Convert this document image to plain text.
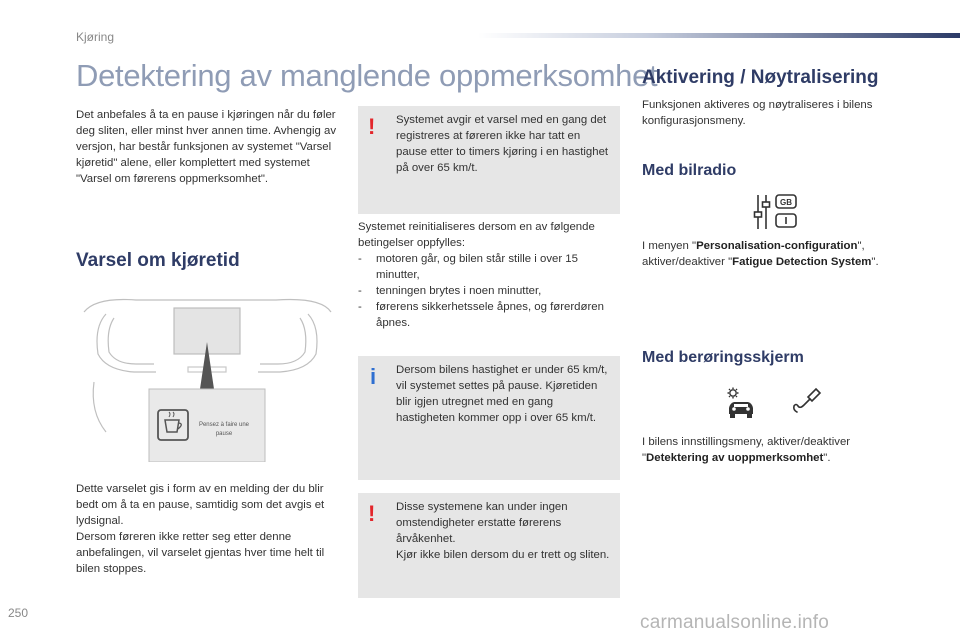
Kjøring
Detektering av manglende oppmerksomhet
Det anbefales å ta en pause i kjøringen når du føler deg sliten, eller minst hver annen time. Avhengig av versjon, har består funksjonen av systemet "Varsel kjøretid" alene, eller komplettert med systemet "Varsel om førerens oppmerksomhet".
Varsel om kjøretid
Pensez à faire une
pause
Dette varselet gis i form av en melding der du blir bedt om å ta en pause, samtidig som det avgis et lydsignal.
Dersom føreren ikke retter seg etter denne anbefalingen, vil varselet gjentas hver time helt til bilen stoppes.
! Systemet avgir et varsel med en gang det registreres at føreren ikke har tatt en pause etter to timers kjøring i en hastighet på over 65 km/t.
Systemet reinitialiseres dersom en av følgende betingelser oppfylles:
-	motoren går, og bilen står stille i over 15 minutter,
-	tenningen brytes i noen minutter,
-	førerens sikkerhetssele åpnes, og førerdøren åpnes.
i Dersom bilens hastighet er under 65 km/t, vil systemet settes på pause. Kjøretiden blir igjen utregnet med en gang hastigheten kommer opp i over 65 km/t.
! Disse systemene kan under ingen omstendigheter erstatte førerens årvåkenhet.
Kjør ikke bilen dersom du er trett og sliten.
Aktivering / Nøytralisering
Funksjonen aktiveres og nøytraliseres i bilens konfigurasjonsmeny.
Med bilradio
GB
I menyen "Personalisation-configuration", aktiver/deaktiver "Fatigue Detection System".
Med berøringsskjerm
I bilens innstillingsmeny, aktiver/deaktiver "Detektering av uoppmerksomhet".
250	carmanualsonline.info
